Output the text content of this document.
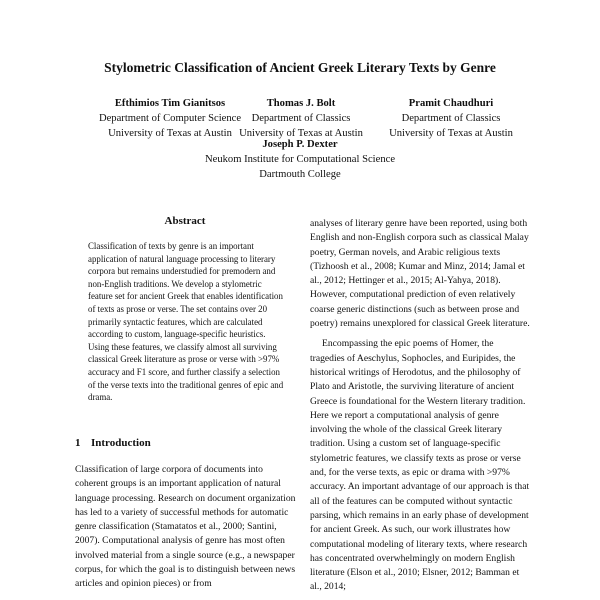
Stylometric Classification of Ancient Greek Literary Texts by Genre
Efthimios Tim Gianitsos
Department of Computer Science
University of Texas at Austin
Thomas J. Bolt
Department of Classics
University of Texas at Austin
Pramit Chaudhuri
Department of Classics
University of Texas at Austin
Joseph P. Dexter
Neukom Institute for Computational Science
Dartmouth College
Abstract

Classification of texts by genre is an important application of natural language processing to literary corpora but remains understudied for premodern and non-English traditions. We develop a stylometric feature set for ancient Greek that enables identification of texts as prose or verse. The set contains over 20 primarily syntactic features, which are calculated according to custom, language-specific heuristics. Using these features, we classify almost all surviving classical Greek literature as prose or verse with >97% accuracy and F1 score, and further classify a selection of the verse texts into the traditional genres of epic and drama.

1 Introduction

Classification of large corpora of documents into coherent groups is an important application of natural language processing. Research on document organization has led to a variety of successful methods for automatic genre classification (Stamatatos et al., 2000; Santini, 2007). Computational analysis of genre has most often involved material from a single source (e.g., a newspaper corpus, for which the goal is to distinguish between news articles and opinion pieces) or from

analyses of literary genre have been reported, using both English and non-English corpora such as classical Malay poetry, German novels, and Arabic religious texts (Tizhoosh et al., 2008; Kumar and Minz, 2014; Jamal et al., 2012; Hettinger et al., 2015; Al-Yahya, 2018). However, computational prediction of even relatively coarse generic distinctions (such as between prose and poetry) remains unexplored for classical Greek literature.

Encompassing the epic poems of Homer, the tragedies of Aeschylus, Sophocles, and Euripides, the historical writings of Herodotus, and the philosophy of Plato and Aristotle, the surviving literature of ancient Greece is foundational for the Western literary tradition. Here we report a computational analysis of genre involving the whole of the classical Greek literary tradition. Using a custom set of language-specific stylometric features, we classify texts as prose or verse and, for the verse texts, as epic or drama with >97% accuracy. An important advantage of our approach is that all of the features can be computed without syntactic parsing, which remains in an early phase of development for ancient Greek. As such, our work illustrates how computational modeling of literary texts, where research has concentrated overwhelmingly on modern English literature (Elson et al., 2010; Elsner, 2012; Bamman et al., 2014;
